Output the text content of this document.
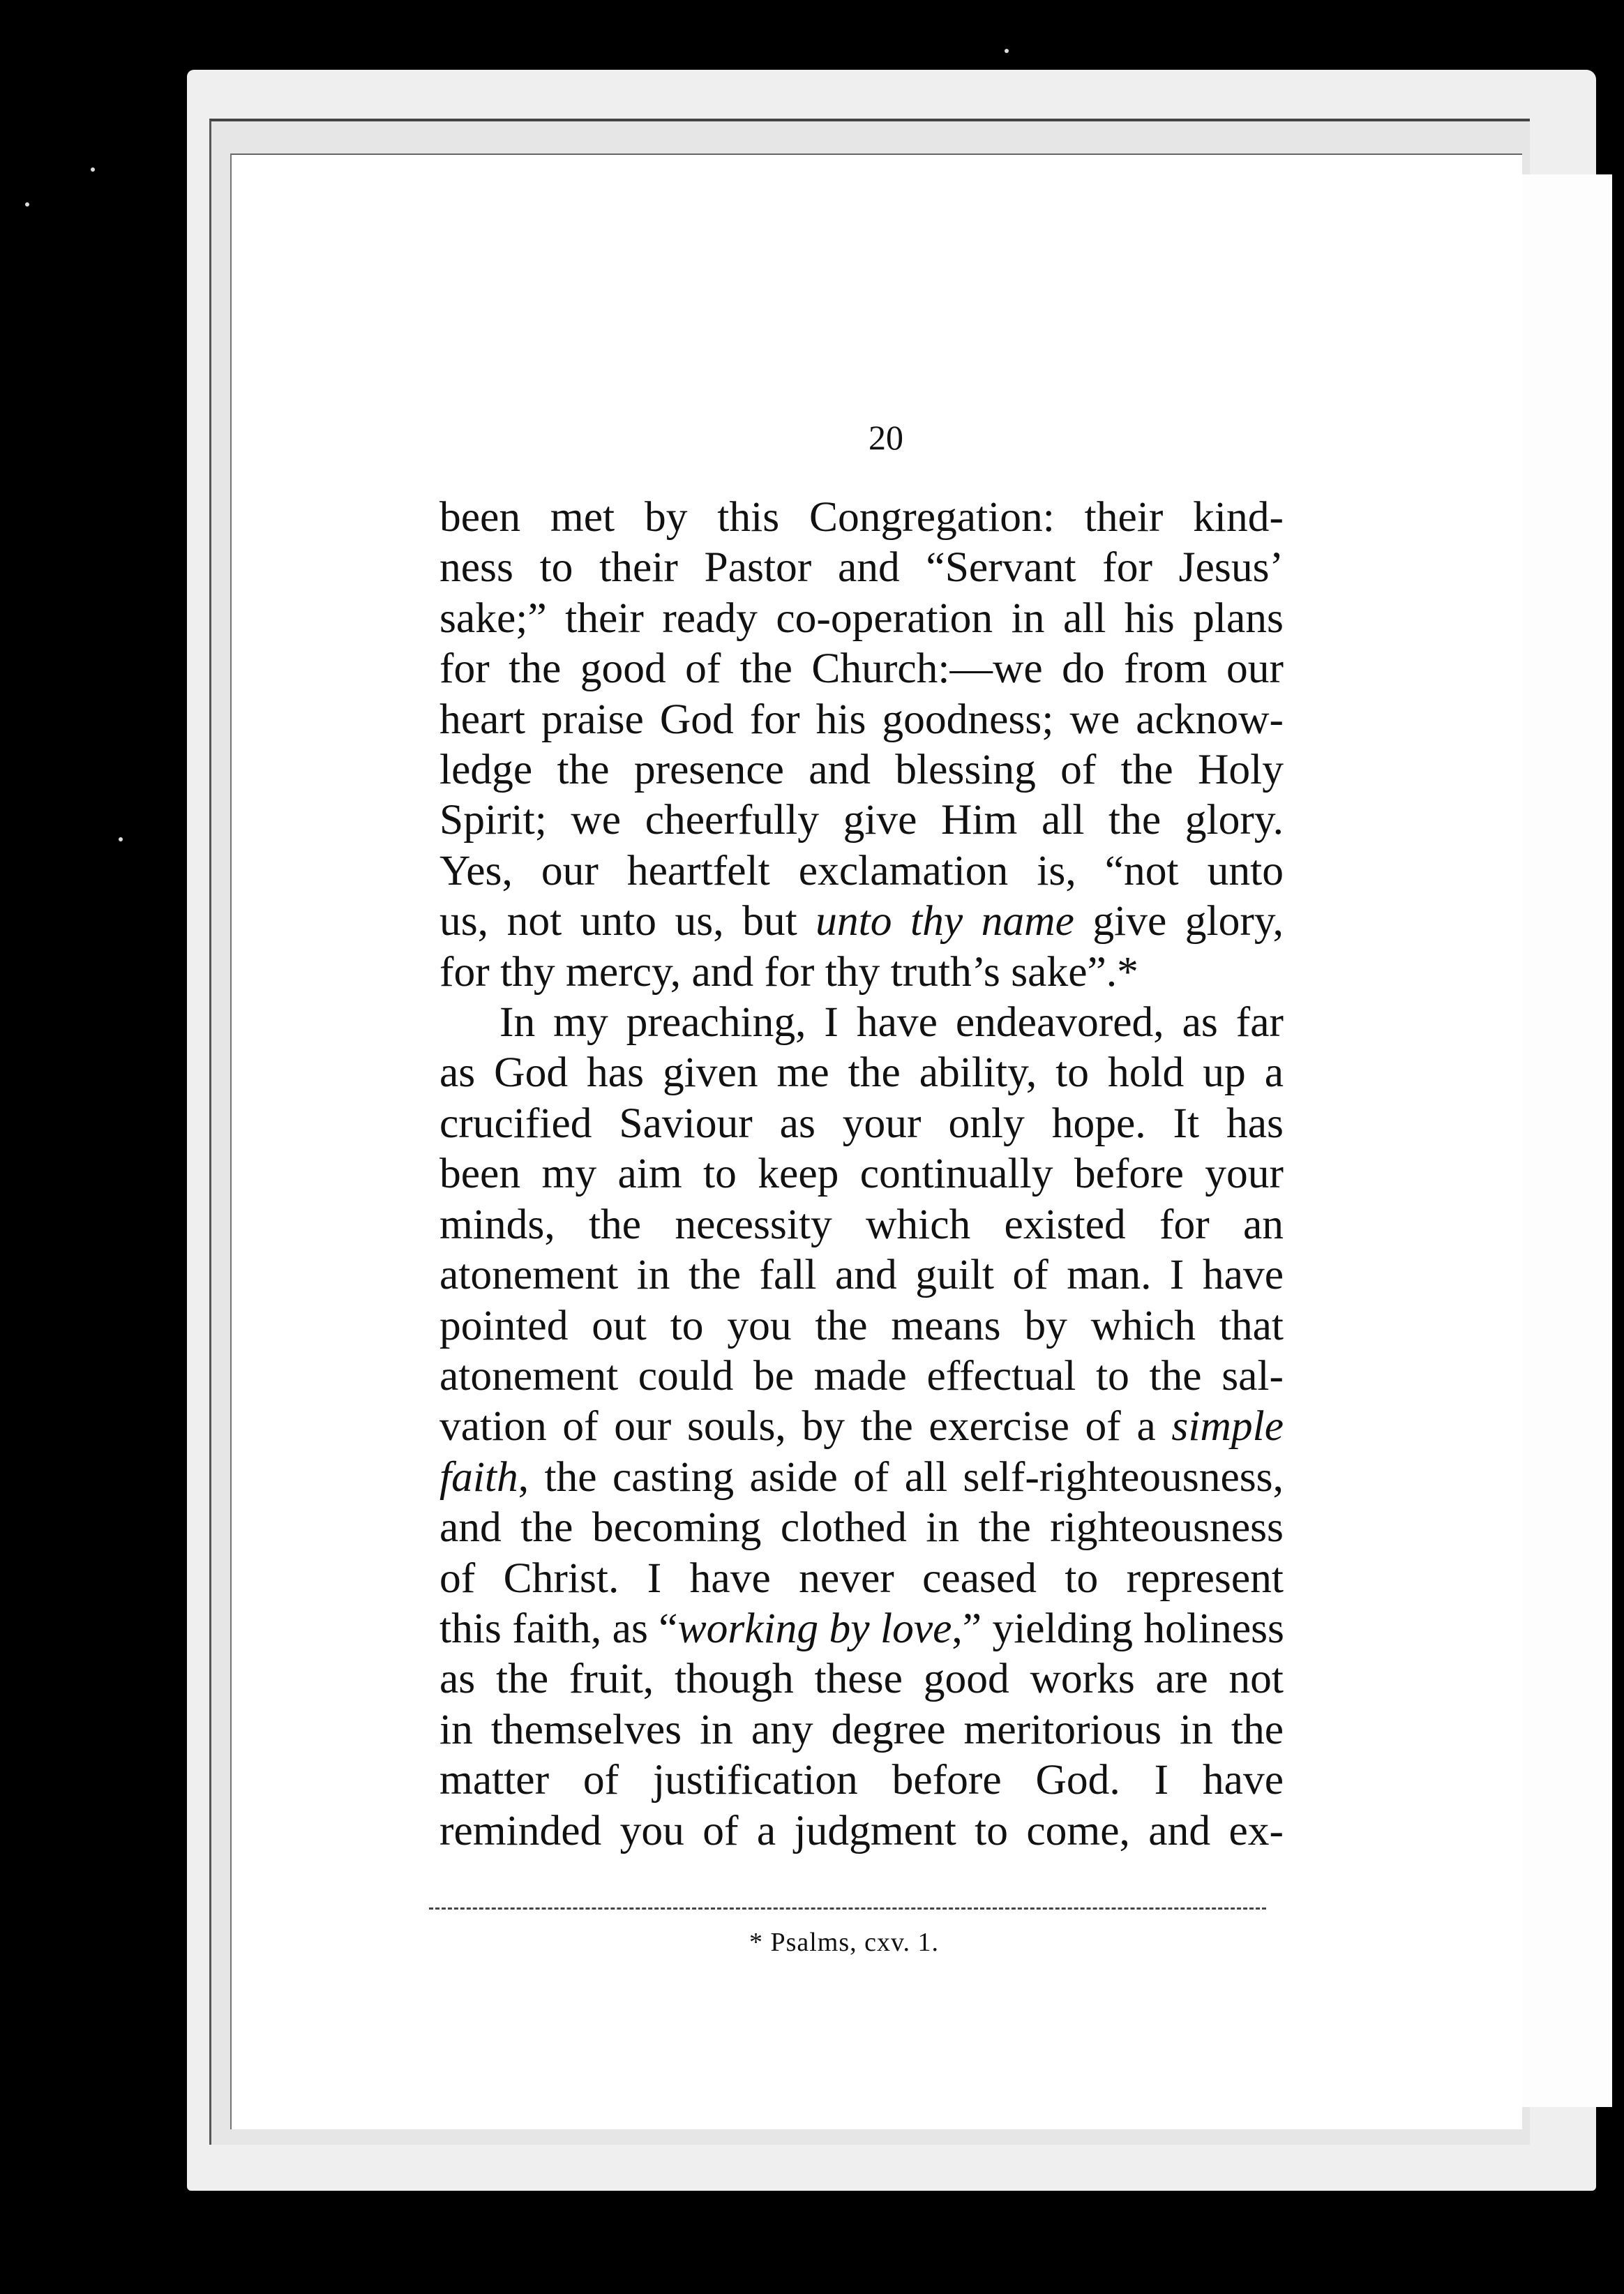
20
been met by this Congregation: their kind-
ness to their Pastor and “Servant for Jesus’
sake;” their ready co-operation in all his plans
for the good of the Church:—we do from our
heart praise God for his goodness; we acknow-
ledge the presence and blessing of the Holy
Spirit; we cheerfully give Him all the glory.
Yes, our heartfelt exclamation is, “not unto
us, not unto us, but unto thy name give glory,
for thy mercy, and for thy truth’s sake”.*
In my preaching, I have endeavored, as far
as God has given me the ability, to hold up a
crucified Saviour as your only hope. It has
been my aim to keep continually before your
minds, the necessity which existed for an
atonement in the fall and guilt of man. I have
pointed out to you the means by which that
atonement could be made effectual to the sal-
vation of our souls, by the exercise of a simple
faith, the casting aside of all self-righteousness,
and the becoming clothed in the righteousness
of Christ. I have never ceased to represent
this faith, as “working by love,” yielding holiness
as the fruit, though these good works are not
in themselves in any degree meritorious in the
matter of justification before God. I have
reminded you of a judgment to come, and ex-
* Psalms, cxv. 1.
